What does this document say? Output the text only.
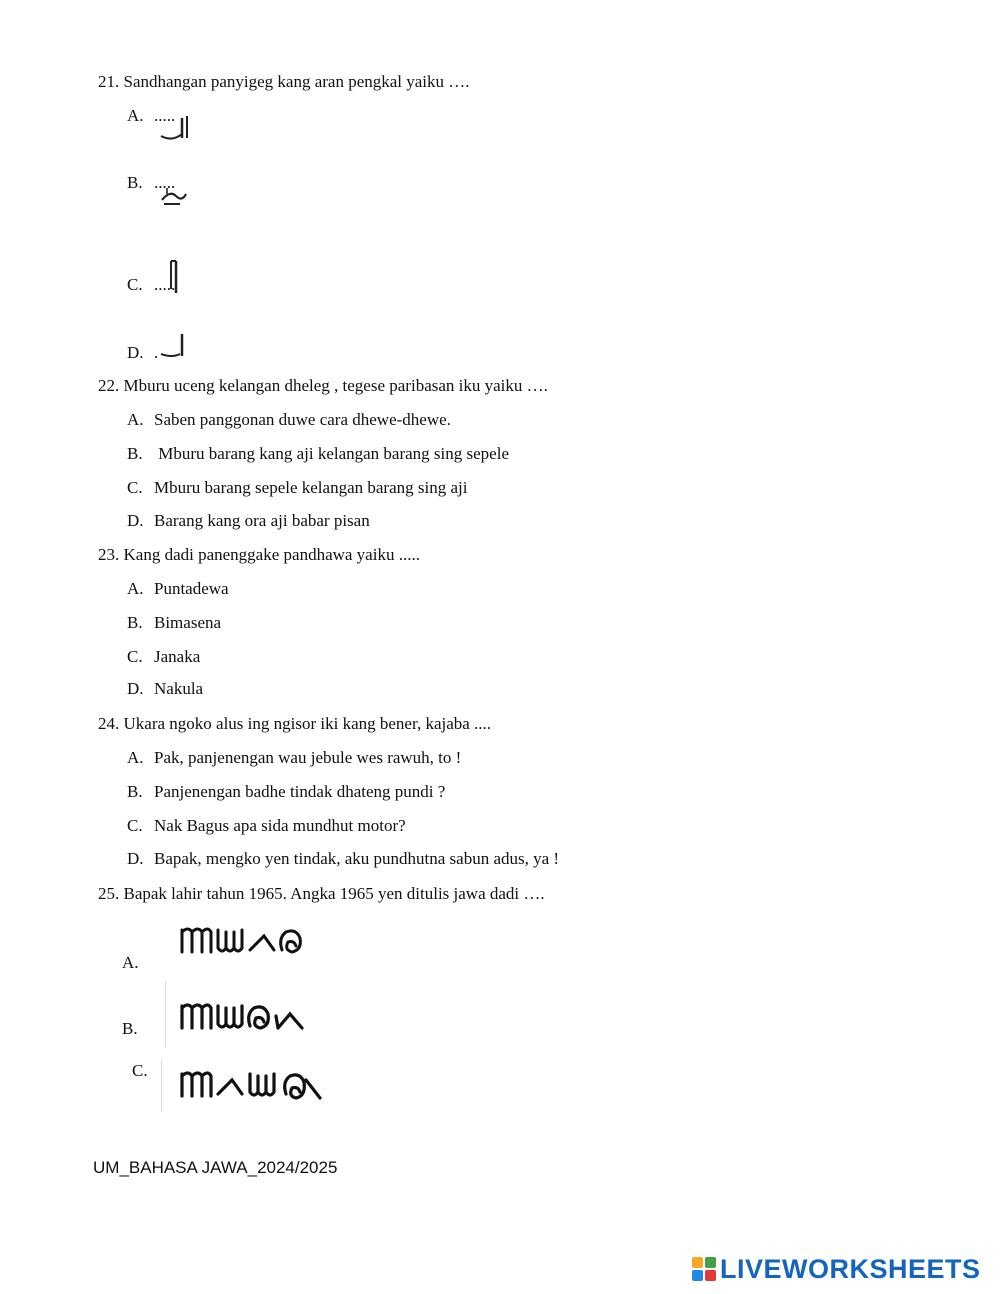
21. Sandhangan panyigeg kang aran pengkal yaiku ….
A. .....
B. .....
C. .....
D. .
22. Mburu uceng kelangan dheleg , tegese paribasan iku yaiku ….
A. Saben panggonan duwe cara dhewe-dhewe.
B. Mburu barang kang aji kelangan barang sing sepele
C. Mburu barang sepele kelangan barang sing aji
D. Barang kang ora aji babar pisan
23. Kang dadi panenggake pandhawa yaiku .....
A. Puntadewa
B. Bimasena
C. Janaka
D. Nakula
24. Ukara ngoko alus ing ngisor iki kang bener, kajaba ....
A. Pak, panjenengan wau jebule wes rawuh, to !
B. Panjenengan badhe tindak dhateng pundi ?
C. Nak Bagus apa sida mundhut motor?
D. Bapak, mengko yen tindak, aku pundhutna sabun adus, ya !
25. Bapak lahir tahun 1965. Angka 1965 yen ditulis jawa dadi ….
A.
B.
C.
UM_BAHASA JAWA_2024/2025
LIVEWORKSHEETS
